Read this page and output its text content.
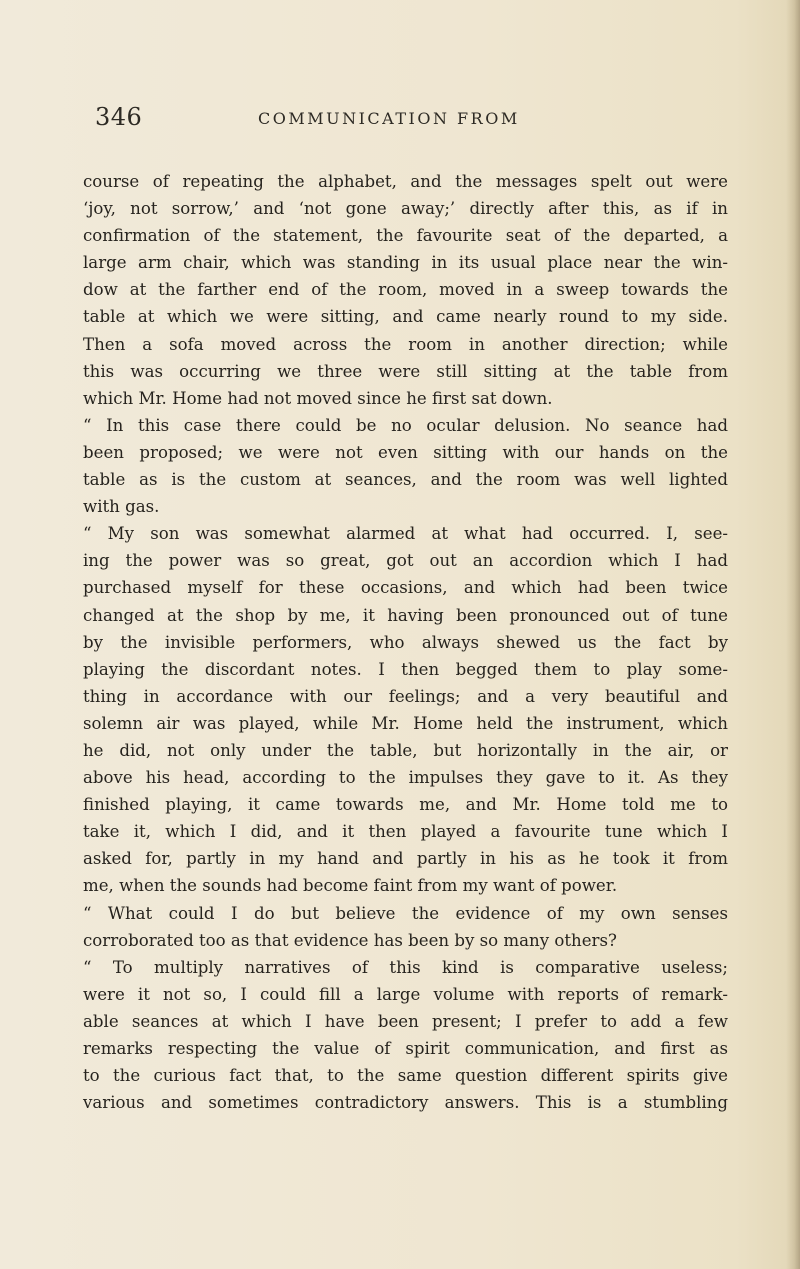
346	COMMUNICATION FROM
course of repeating the alphabet, and the messages spelt out were
‘joy, not sorrow,’ and ‘not gone away;’ directly after this, as if in
confirmation of the statement, the favourite seat of the departed, a
large arm chair, which was standing in its usual place near the win-
dow at the farther end of the room, moved in a sweep towards the
table at which we were sitting, and came nearly round to my side.
Then a sofa moved across the room in another direction; while
this was occurring we three were still sitting at the table from
which Mr. Home had not moved since he first sat down.
“ In this case there could be no ocular delusion. No seance had
been proposed; we were not even sitting with our hands on the
table as is the custom at seances, and the room was well lighted
with gas.
“ My son was somewhat alarmed at what had occurred. I, see-
ing the power was so great, got out an accordion which I had
purchased myself for these occasions, and which had been twice
changed at the shop by me, it having been pronounced out of tune
by the invisible performers, who always shewed us the fact by
playing the discordant notes. I then begged them to play some-
thing in accordance with our feelings; and a very beautiful and
solemn air was played, while Mr. Home held the instrument, which
he did, not only under the table, but horizontally in the air, or
above his head, according to the impulses they gave to it. As they
finished playing, it came towards me, and Mr. Home told me to
take it, which I did, and it then played a favourite tune which I
asked for, partly in my hand and partly in his as he took it from
me, when the sounds had become faint from my want of power.
“ What could I do but believe the evidence of my own senses
corroborated too as that evidence has been by so many others?
“ To multiply narratives of this kind is comparative useless;
were it not so, I could fill a large volume with reports of remark-
able seances at which I have been present; I prefer to add a few
remarks respecting the value of spirit communication, and first as
to the curious fact that, to the same question different spirits give
various and sometimes contradictory answers. This is a stumbling
